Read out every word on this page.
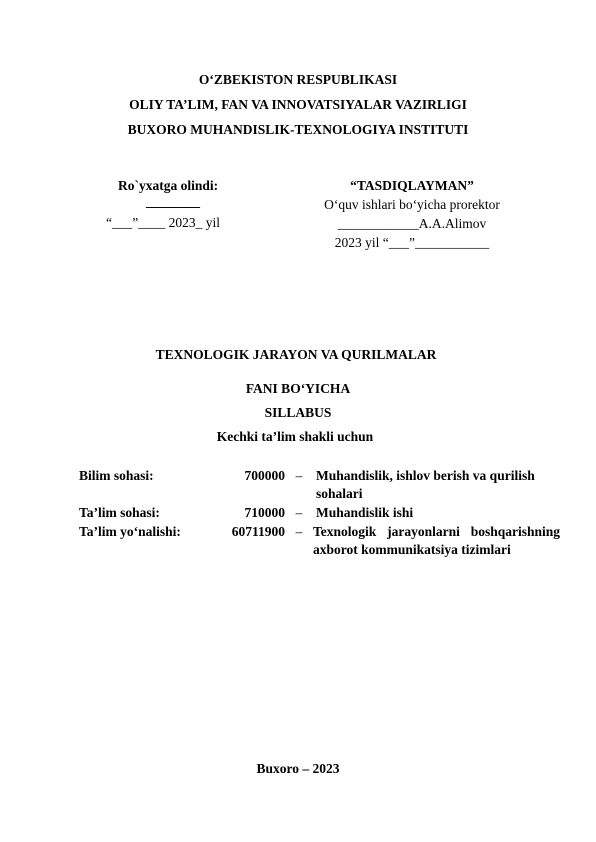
O‘ZBEKISTON RESPUBLIKASI
OLIY TA’LIM, FAN VA INNOVATSIYALAR VAZIRLIGI
BUXORO MUHANDISLIK-TEXNOLOGIYA INSTITUTI
Ro`yxatga olindi:
________
“___”____ 2023_ yil
“TASDIQLAYMAN”
O‘quv ishlari bo‘yicha prorektor
____________A.A.Alimov
2023 yil “___”___________
TEXNOLOGIK JARAYON VA QURILMALAR
FANI BO‘YICHA
SILLABUS
Kechki ta’lim shakli uchun
Bilim sohasi:	700000	–	Muhandislik, ishlov berish va qurilish sohalari
Ta’lim sohasi:	710000	–	Muhandislik ishi
Ta’lim yo‘nalishi:	60711900	–	Texnologik jarayonlarni boshqarishning axborot kommunikatsiya tizimlari
Buxoro – 2023
